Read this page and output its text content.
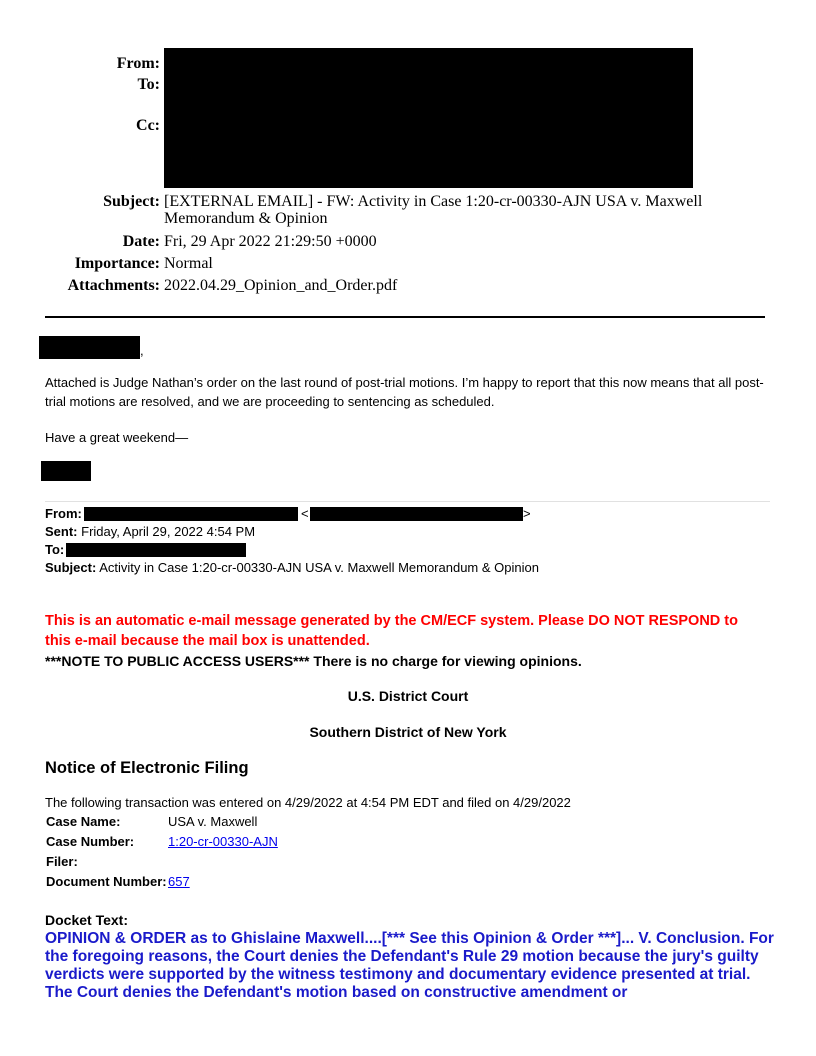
From:
To:
Cc:
Subject: [EXTERNAL EMAIL] - FW: Activity in Case 1:20-cr-00330-AJN USA v. Maxwell
Memorandum & Opinion
Date: Fri, 29 Apr 2022 21:29:50 +0000
Importance: Normal
Attachments: 2022.04.29_Opinion_and_Order.pdf
,

Attached is Judge Nathan’s order on the last round of post-trial motions. I’m happy to report that this now means that all post-trial motions are resolved, and we are proceeding to sentencing as scheduled.

Have a great weekend—

From:	<	>
Sent: Friday, April 29, 2022 4:54 PM
To:
Subject: Activity in Case 1:20-cr-00330-AJN USA v. Maxwell Memorandum & Opinion

This is an automatic e-mail message generated by the CM/ECF system. Please DO NOT RESPOND to this e-mail because the mail box is unattended.

***NOTE TO PUBLIC ACCESS USERS*** There is no charge for viewing opinions.

U.S. District Court
Southern District of New York
Notice of Electronic Filing
The following transaction was entered on 4/29/2022 at 4:54 PM EDT and filed on 4/29/2022
Case Name:	USA v. Maxwell
Case Number:	1:20-cr-00330-AJN
Filer:
Document Number: 657
Docket Text:

OPINION & ORDER as to Ghislaine Maxwell....[*** See this Opinion & Order ***]... V. Conclusion. For the foregoing reasons, the Court denies the Defendant's Rule 29 motion because the jury's guilty verdicts were supported by the witness testimony and documentary evidence presented at trial. The Court denies the Defendant's motion based on constructive amendment or
